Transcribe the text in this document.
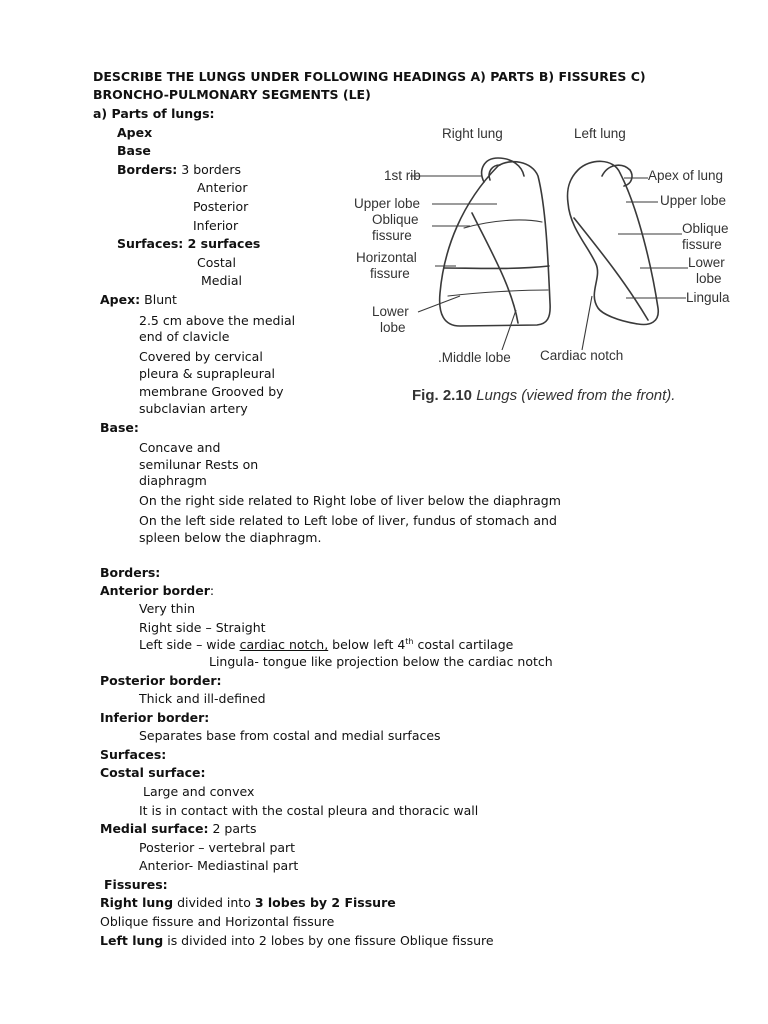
DESCRIBE THE LUNGS UNDER FOLLOWING HEADINGS A) PARTS B) FISSURES C)
BRONCHO-PULMONARY SEGMENTS (LE)
a) Parts of lungs:
Apex
Base
Borders: 3 borders
Anterior
Posterior
Inferior
Surfaces: 2 surfaces
Costal
Medial
Apex: Blunt
2.5 cm above the medial
end of clavicle
Covered by cervical
pleura & suprapleural
membrane Grooved by
subclavian artery
Base:
Concave and
semilunar Rests on
diaphragm
On the right side related to Right lobe of liver below the diaphragm
On the left side related to Left lobe of liver, fundus of stomach and
spleen below the diaphragm.
Borders:
Anterior border:
Very thin
Right side – Straight
Left side – wide cardiac notch, below left 4th costal cartilage
Lingula- tongue like projection below the cardiac notch
Posterior border:
Thick and ill-defined
Inferior border:
Separates base from costal and medial surfaces
Surfaces:
Costal surface:
Large and convex
It is in contact with the costal pleura and thoracic wall
Medial surface: 2 parts
Posterior – vertebral part
Anterior- Mediastinal part
Fissures:
Right lung divided into 3 lobes by 2 Fissure
Oblique fissure and Horizontal fissure
Left lung is divided into 2 lobes by one fissure Oblique fissure
Right lung	Left lung
1st rib
Upper lobe
Oblique
fissure
Horizontal
fissure
Lower
lobe
Apex of lung
Upper lobe
Oblique
fissure
Lower
lobe
Lingula
.Middle lobe Cardiac notch
Fig. 2.10 Lungs (viewed from the front).
